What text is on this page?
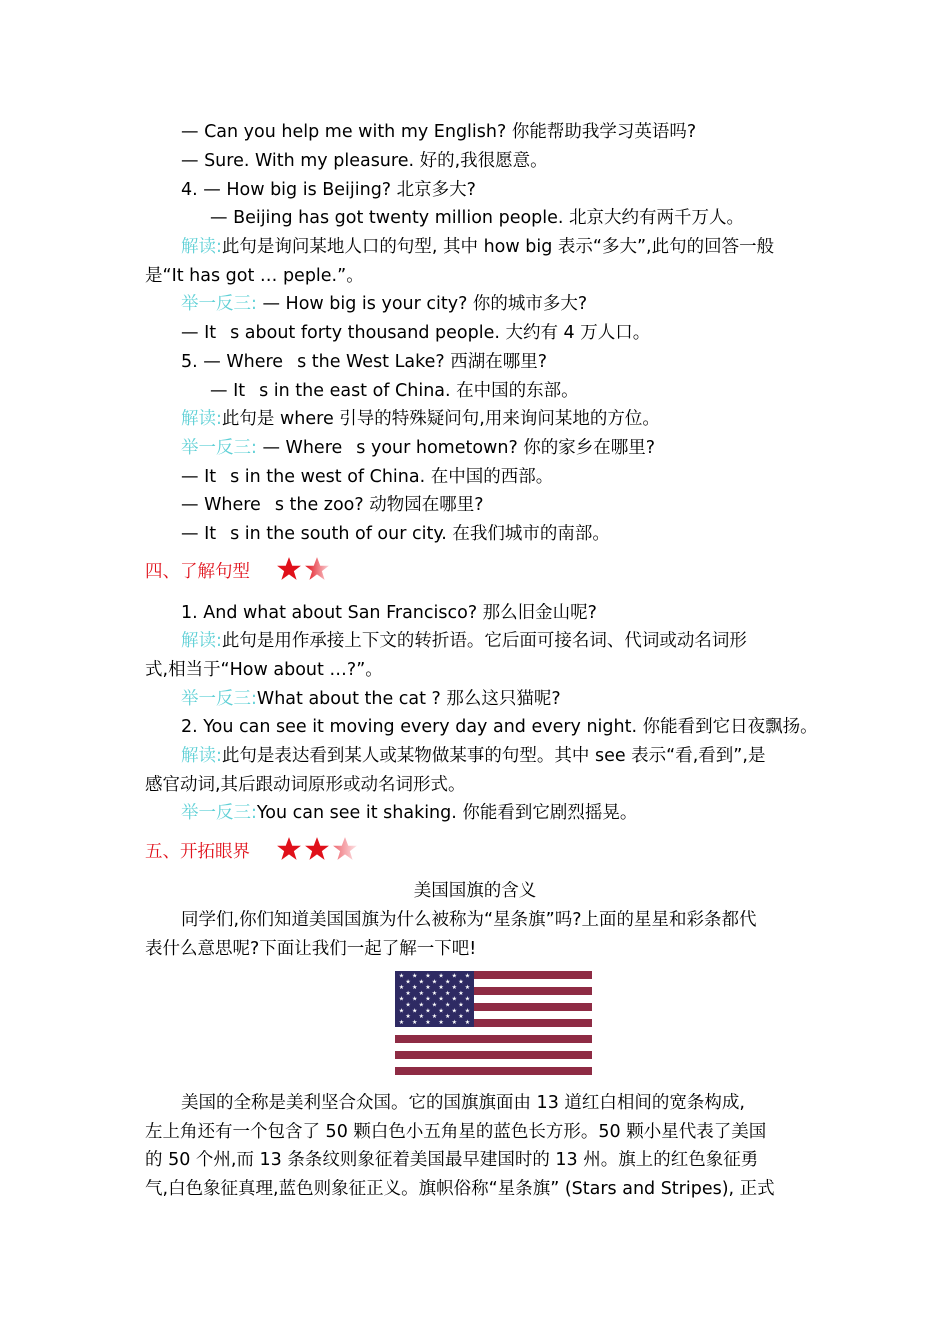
— Can you help me with my English? 你能帮助我学习英语吗?
— Sure. With my pleasure. 好的,我很愿意。
4. — How big is Beijing? 北京多大?
— Beijing has got twenty million people. 北京大约有两千万人。
解读:此句是询问某地人口的句型, 其中 how big 表示“多大”,此句的回答一般
是“It has got … peple.”。
举一反三: — How big is your city? 你的城市多大?
— It s about forty thousand people. 大约有 4 万人口。
5. — Where s the West Lake? 西湖在哪里?
— It s in the east of China. 在中国的东部。
解读:此句是 where 引导的特殊疑问句,用来询问某地的方位。
举一反三: — Where s your hometown? 你的家乡在哪里?
— It s in the west of China. 在中国的西部。
— Where s the zoo? 动物园在哪里?
— It s in the south of our city. 在我们城市的南部。
四、了解句型
1. And what about San Francisco? 那么旧金山呢?
解读:此句是用作承接上下文的转折语。它后面可接名词、代词或动名词形
式,相当于“How about …?”。
举一反三:What about the cat ? 那么这只猫呢?
2. You can see it moving every day and every night. 你能看到它日夜飘扬。
解读:此句是表达看到某人或某物做某事的句型。其中 see 表示“看,看到”,是
感官动词,其后跟动词原形或动名词形式。
举一反三:You can see it shaking. 你能看到它剧烈摇晃。
五、开拓眼界
美国国旗的含义
同学们,你们知道美国国旗为什么被称为“星条旗”吗?上面的星星和彩条都代
表什么意思呢?下面让我们一起了解一下吧!
★ ★ ★ ★ ★ ★
★ ★ ★ ★ ★
★ ★ ★ ★ ★ ★
★ ★ ★ ★ ★
★ ★ ★ ★ ★ ★
★ ★ ★ ★ ★
★ ★ ★ ★ ★ ★
★ ★ ★ ★ ★
★ ★ ★ ★ ★ ★
美国的全称是美利坚合众国。它的国旗旗面由 13 道红白相间的宽条构成,
左上角还有一个包含了 50 颗白色小五角星的蓝色长方形。50 颗小星代表了美国
的 50 个州,而 13 条条纹则象征着美国最早建国时的 13 州。旗上的红色象征勇
气,白色象征真理,蓝色则象征正义。旗帜俗称“星条旗” (Stars and Stripes), 正式
